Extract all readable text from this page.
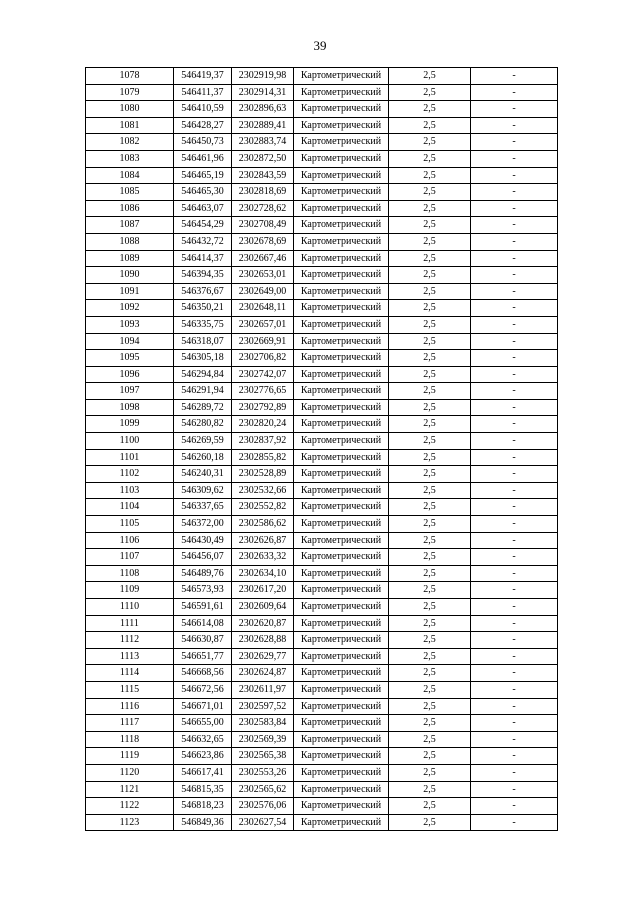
39
1078	546419,37	2302919,98	Картометрический	2,5	-
1079	546411,37	2302914,31	Картометрический	2,5	-
1080	546410,59	2302896,63	Картометрический	2,5	-
1081	546428,27	2302889,41	Картометрический	2,5	-
1082	546450,73	2302883,74	Картометрический	2,5	-
1083	546461,96	2302872,50	Картометрический	2,5	-
1084	546465,19	2302843,59	Картометрический	2,5	-
1085	546465,30	2302818,69	Картометрический	2,5	-
1086	546463,07	2302728,62	Картометрический	2,5	-
1087	546454,29	2302708,49	Картометрический	2,5	-
1088	546432,72	2302678,69	Картометрический	2,5	-
1089	546414,37	2302667,46	Картометрический	2,5	-
1090	546394,35	2302653,01	Картометрический	2,5	-
1091	546376,67	2302649,00	Картометрический	2,5	-
1092	546350,21	2302648,11	Картометрический	2,5	-
1093	546335,75	2302657,01	Картометрический	2,5	-
1094	546318,07	2302669,91	Картометрический	2,5	-
1095	546305,18	2302706,82	Картометрический	2,5	-
1096	546294,84	2302742,07	Картометрический	2,5	-
1097	546291,94	2302776,65	Картометрический	2,5	-
1098	546289,72	2302792,89	Картометрический	2,5	-
1099	546280,82	2302820,24	Картометрический	2,5	-
1100	546269,59	2302837,92	Картометрический	2,5	-
1101	546260,18	2302855,82	Картометрический	2,5	-
1102	546240,31	2302528,89	Картометрический	2,5	-
1103	546309,62	2302532,66	Картометрический	2,5	-
1104	546337,65	2302552,82	Картометрический	2,5	-
1105	546372,00	2302586,62	Картометрический	2,5	-
1106	546430,49	2302626,87	Картометрический	2,5	-
1107	546456,07	2302633,32	Картометрический	2,5	-
1108	546489,76	2302634,10	Картометрический	2,5	-
1109	546573,93	2302617,20	Картометрический	2,5	-
1110	546591,61	2302609,64	Картометрический	2,5	-
1111	546614,08	2302620,87	Картометрический	2,5	-
1112	546630,87	2302628,88	Картометрический	2,5	-
1113	546651,77	2302629,77	Картометрический	2,5	-
1114	546668,56	2302624,87	Картометрический	2,5	-
1115	546672,56	2302611,97	Картометрический	2,5	-
1116	546671,01	2302597,52	Картометрический	2,5	-
1117	546655,00	2302583,84	Картометрический	2,5	-
1118	546632,65	2302569,39	Картометрический	2,5	-
1119	546623,86	2302565,38	Картометрический	2,5	-
1120	546617,41	2302553,26	Картометрический	2,5	-
1121	546815,35	2302565,62	Картометрический	2,5	-
1122	546818,23	2302576,06	Картометрический	2,5	-
1123	546849,36	2302627,54	Картометрический	2,5	-
